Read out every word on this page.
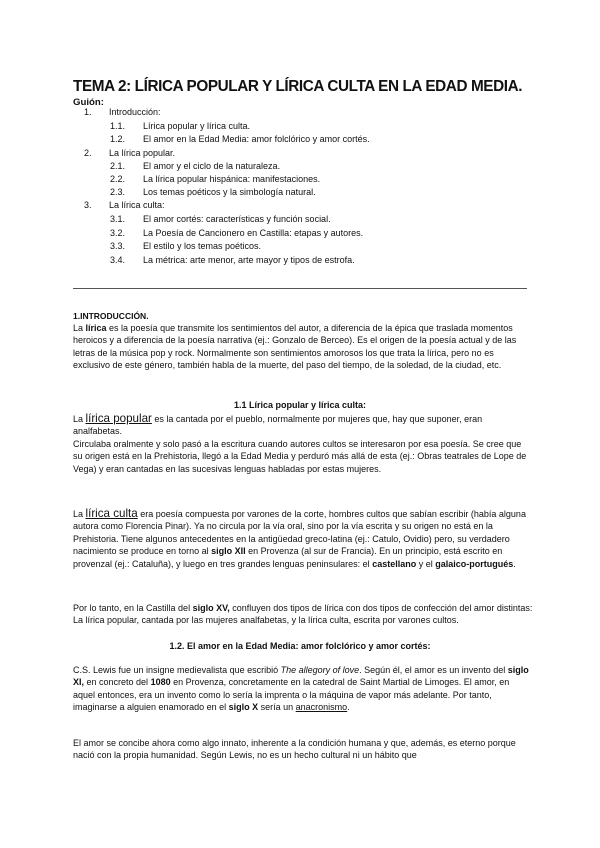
TEMA 2: LÍRICA POPULAR Y LÍRICA CULTA EN LA EDAD MEDIA.
Guión:
1. Introducción:
1.1. Lírica popular y lírica culta.
1.2. El amor en la Edad Media: amor folclórico y amor cortés.
2. La lírica popular.
2.1. El amor y el ciclo de la naturaleza.
2.2. La lírica popular hispánica: manifestaciones.
2.3. Los temas poéticos y la simbología natural.
3. La lírica culta:
3.1. El amor cortés: características y función social.
3.2. La Poesía de Cancionero en Castilla: etapas y autores.
3.3. El estilo y los temas poéticos.
3.4. La métrica: arte menor, arte mayor y tipos de estrofa.
1.INTRODUCCIÓN.

La lírica es la poesía que transmite los sentimientos del autor, a diferencia de la épica que traslada momentos heroicos y a diferencia de la poesía narrativa (ej.: Gonzalo de Berceo). Es el origen de la poesía actual y de las letras de la música pop y rock. Normalmente son sentimientos amorosos los que trata la lírica, pero no es exclusivo de este género, también habla de la muerte, del paso del tiempo, de la soledad, de la ciudad, etc.

1.1 Lírica popular y lírica culta:

La lírica popular es la cantada por el pueblo, normalmente por mujeres que, hay que suponer, eran analfabetas.
Circulaba oralmente y solo pasó a la escritura cuando autores cultos se interesaron por esa poesía. Se cree que su origen está en la Prehistoria, llegó a la Edad Media y perduró más allá de esta (ej.: Obras teatrales de Lope de Vega) y eran cantadas en las sucesivas lenguas habladas por estas mujeres.

La lírica culta era poesía compuesta por varones de la corte, hombres cultos que sabían escribir (había alguna autora como Florencia Pinar). Ya no circula por la vía oral, sino por la vía escrita y su origen no está en la Prehistoria. Tiene algunos antecedentes en la antigüedad greco-latina (ej.: Catulo, Ovidio) pero, su verdadero nacimiento se produce en torno al siglo XII en Provenza (al sur de Francia). En un principio, está escrito en provenzal (ej.: Cataluña), y luego en tres grandes lenguas peninsulares: el castellano y el galaico-portugués.

Por lo tanto, en la Castilla del siglo XV, confluyen dos tipos de lírica con dos tipos de confección del amor distintas: La lírica popular, cantada por las mujeres analfabetas, y la lírica culta, escrita por varones cultos.

1.2. El amor en la Edad Media: amor folclórico y amor cortés:

C.S. Lewis fue un insigne medievalista que escribió The allegory of love. Según él, el amor es un invento del siglo XI, en concreto del 1080 en Provenza, concretamente en la catedral de Saint Martial de Limoges. El amor, en aquel entonces, era un invento como lo sería la imprenta o la máquina de vapor más adelante. Por tanto, imaginarse a alguien enamorado en el siglo X sería un anacronismo.

El amor se concibe ahora como algo innato, inherente a la condición humana y que, además, es eterno porque nació con la propia humanidad. Según Lewis, no es un hecho cultural ni un hábito que
